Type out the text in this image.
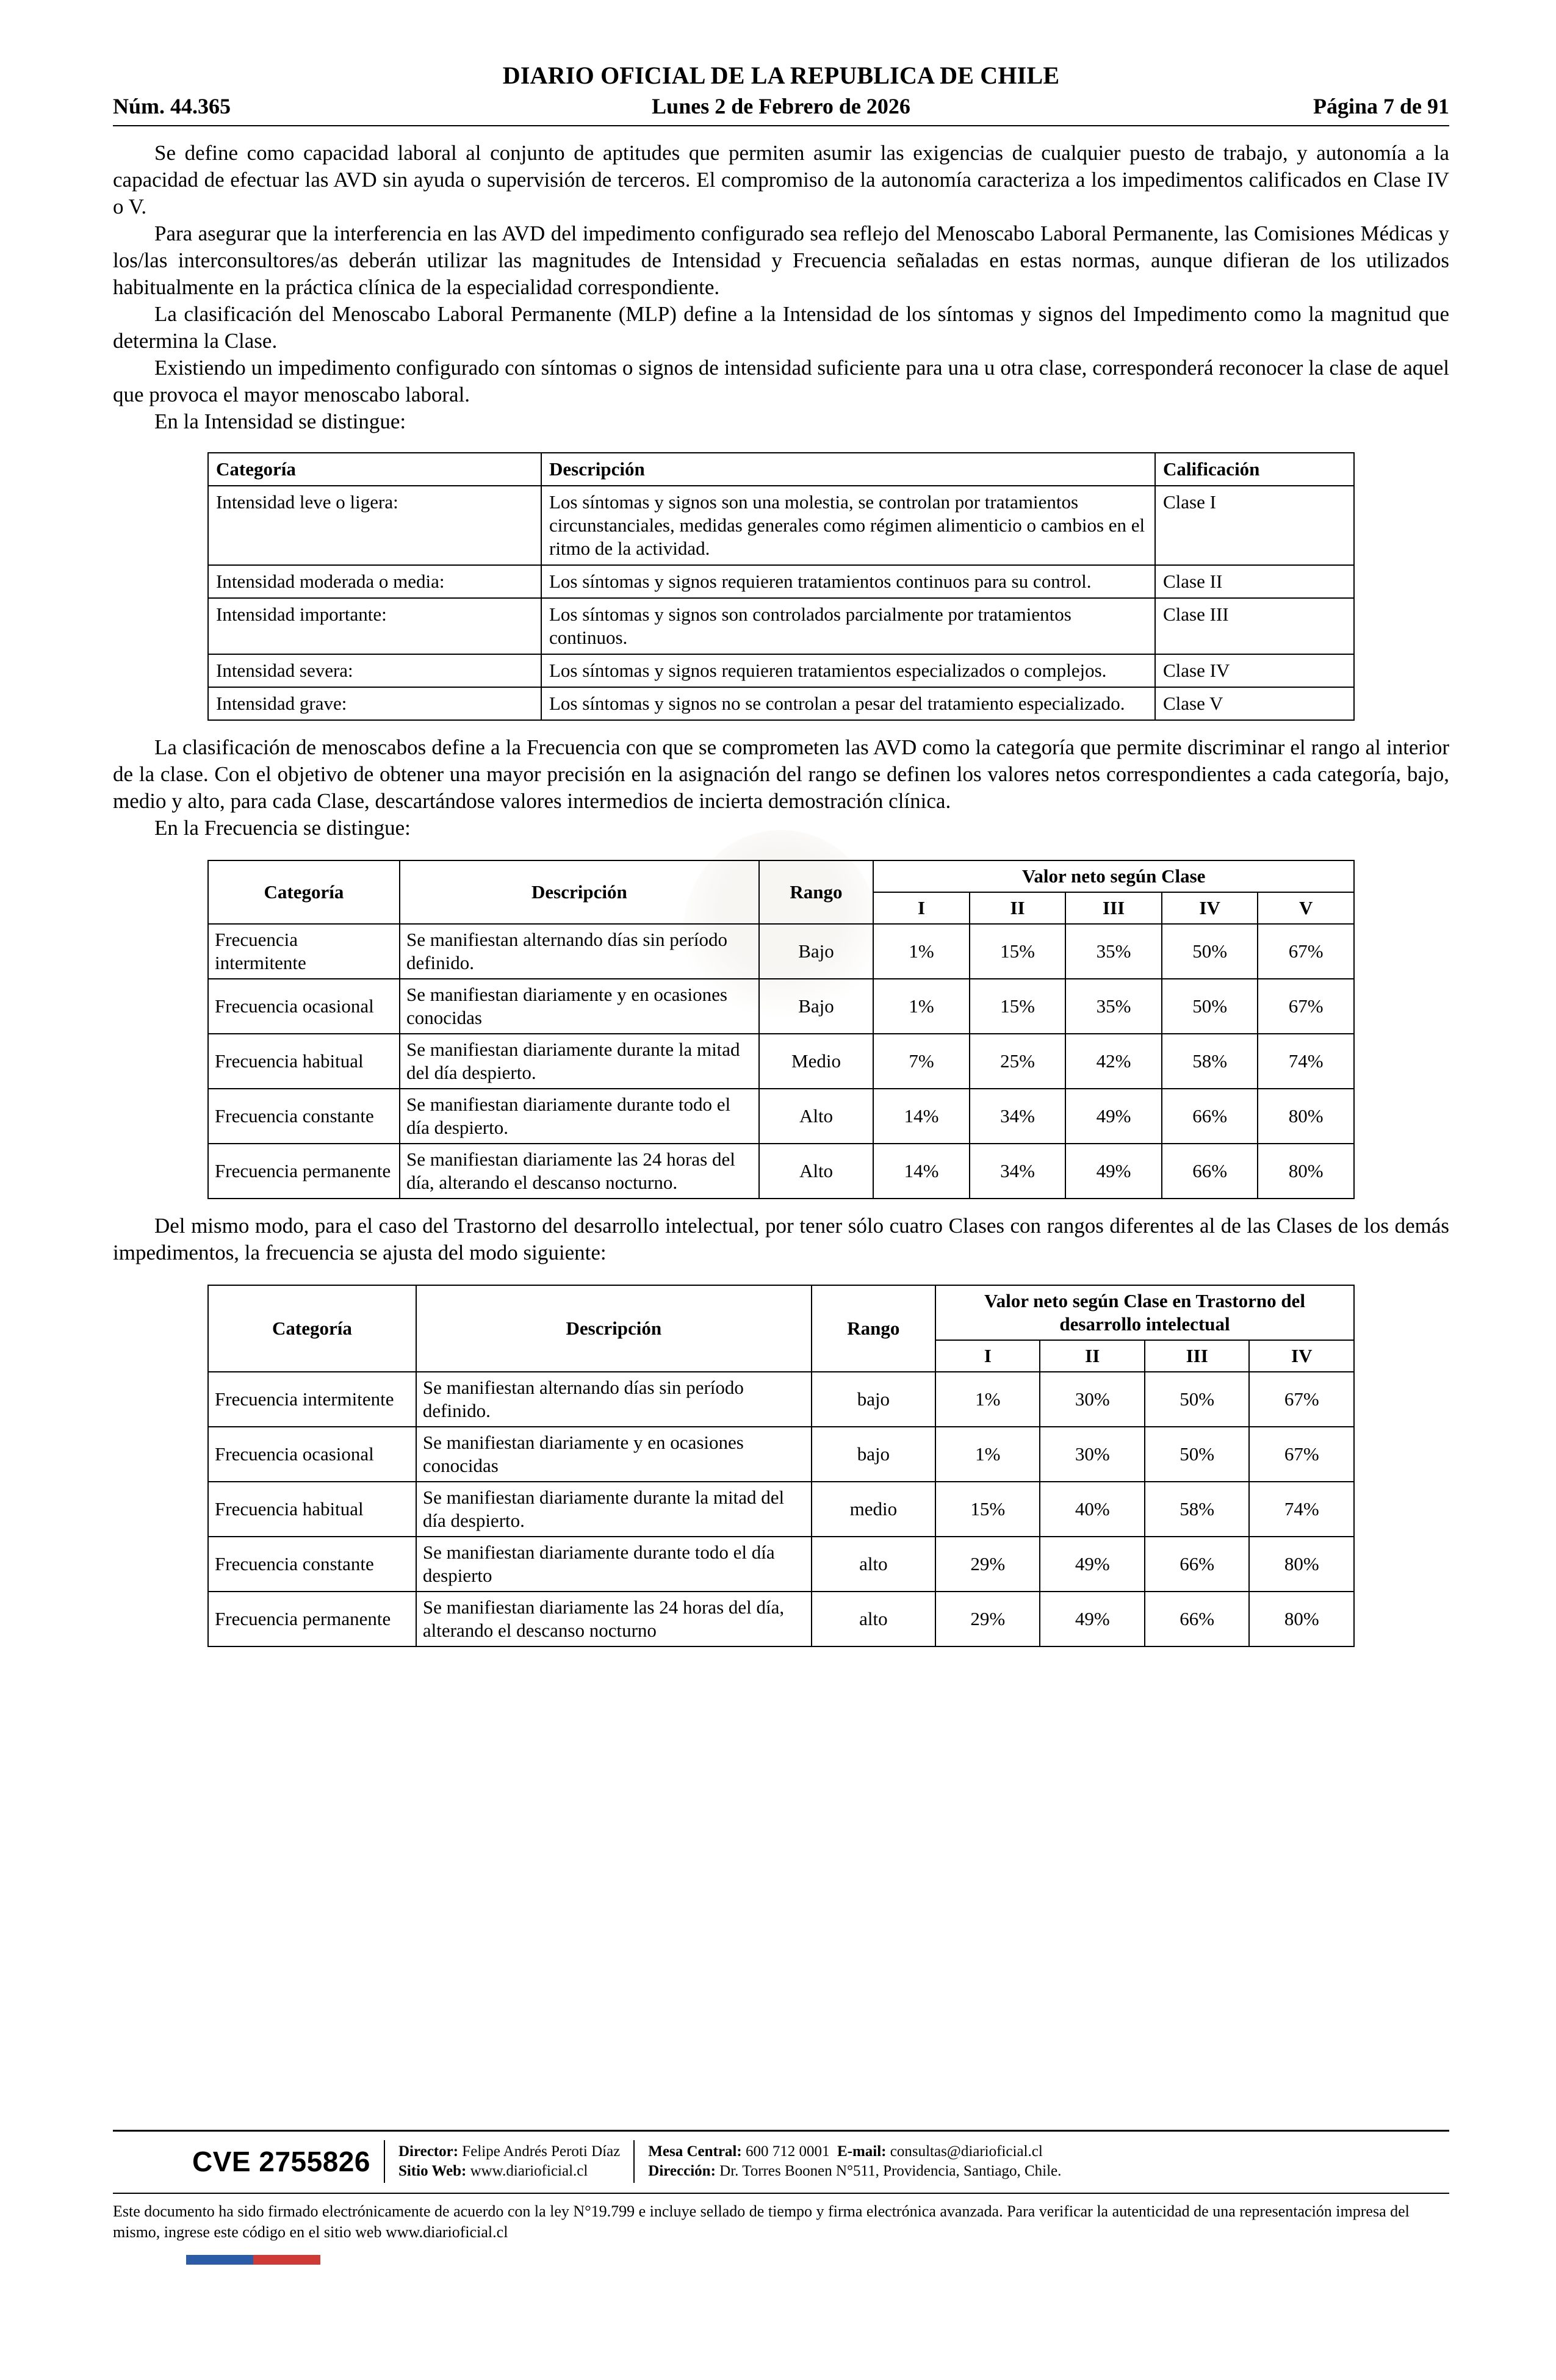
DIARIO OFICIAL DE LA REPUBLICA DE CHILE
Núm. 44.365	Lunes 2 de Febrero de 2026	Página 7 de 91

Se define como capacidad laboral al conjunto de aptitudes que permiten asumir las exigencias de cualquier puesto de trabajo, y autonomía a la capacidad de efectuar las AVD sin ayuda o supervisión de terceros. El compromiso de la autonomía caracteriza a los impedimentos calificados en Clase IV o V.

Para asegurar que la interferencia en las AVD del impedimento configurado sea reflejo del Menoscabo Laboral Permanente, las Comisiones Médicas y los/las interconsultores/as deberán utilizar las magnitudes de Intensidad y Frecuencia señaladas en estas normas, aunque difieran de los utilizados habitualmente en la práctica clínica de la especialidad correspondiente.

La clasificación del Menoscabo Laboral Permanente (MLP) define a la Intensidad de los síntomas y signos del Impedimento como la magnitud que determina la Clase.

Existiendo un impedimento configurado con síntomas o signos de intensidad suficiente para una u otra clase, corresponderá reconocer la clase de aquel que provoca el mayor menoscabo laboral.

En la Intensidad se distingue:

Categoría	Descripción	Calificación
Intensidad leve o ligera:	Los síntomas y signos son una molestia, se controlan por tratamientos circunstanciales, medidas generales como régimen alimenticio o cambios en el ritmo de la actividad.	Clase I
Intensidad moderada o media:	Los síntomas y signos requieren tratamientos continuos para su control.	Clase II
Intensidad importante:	Los síntomas y signos son controlados parcialmente por tratamientos continuos.	Clase III
Intensidad severa:	Los síntomas y signos requieren tratamientos especializados o complejos.	Clase IV
Intensidad grave:	Los síntomas y signos no se controlan a pesar del tratamiento especializado.	Clase V

La clasificación de menoscabos define a la Frecuencia con que se comprometen las AVD como la categoría que permite discriminar el rango al interior de la clase. Con el objetivo de obtener una mayor precisión en la asignación del rango se definen los valores netos correspondientes a cada categoría, bajo, medio y alto, para cada Clase, descartándose valores intermedios de incierta demostración clínica.

En la Frecuencia se distingue:

Categoría	Descripción	Rango	Valor neto según Clase				
			I	II	III	IV	V
Frecuencia intermitente	Se manifiestan alternando días sin período definido.	Bajo	1%	15%	35%	50%	67%
Frecuencia ocasional	Se manifiestan diariamente y en ocasiones conocidas	Bajo	1%	15%	35%	50%	67%
Frecuencia habitual	Se manifiestan diariamente durante la mitad del día despierto.	Medio	7%	25%	42%	58%	74%
Frecuencia constante	Se manifiestan diariamente durante todo el día despierto.	Alto	14%	34%	49%	66%	80%
Frecuencia permanente	Se manifiestan diariamente las 24 horas del día, alterando el descanso nocturno.	Alto	14%	34%	49%	66%	80%

Del mismo modo, para el caso del Trastorno del desarrollo intelectual, por tener sólo cuatro Clases con rangos diferentes al de las Clases de los demás impedimentos, la frecuencia se ajusta del modo siguiente:

Categoría	Descripción	Rango	Valor neto según Clase en Trastorno del desarrollo intelectual			
			I	II	III	IV
Frecuencia intermitente	Se manifiestan alternando días sin período definido.	bajo	1%	30%	50%	67%
Frecuencia ocasional	Se manifiestan diariamente y en ocasiones conocidas	bajo	1%	30%	50%	67%
Frecuencia habitual	Se manifiestan diariamente durante la mitad del día despierto.	medio	15%	40%	58%	74%
Frecuencia constante	Se manifiestan diariamente durante todo el día despierto	alto	29%	49%	66%	80%
Frecuencia permanente	Se manifiestan diariamente las 24 horas del día, alterando el descanso nocturno	alto	29%	49%	66%	80%
CVE 2755826 Director: Felipe Andrés Peroti Díaz
Sitio Web: www.diarioficial.cl
Mesa Central: 600 712 0001 E-mail: consultas@diarioficial.cl
Dirección: Dr. Torres Boonen N°511, Providencia, Santiago, Chile.
Este documento ha sido firmado electrónicamente de acuerdo con la ley N°19.799 e incluye sellado de tiempo y firma electrónica avanzada. Para verificar la autenticidad de una representación impresa del mismo, ingrese este código en el sitio web www.diarioficial.cl
